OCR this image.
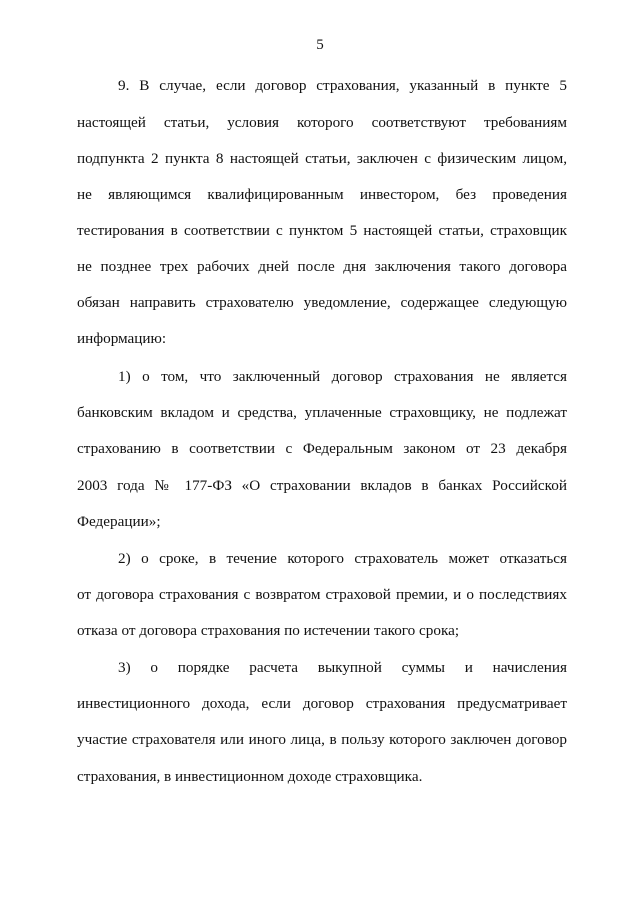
5
9. В случае, если договор страхования, указанный в пункте 5
настоящей статьи, условия которого соответствуют требованиям
подпункта 2 пункта 8 настоящей статьи, заключен с физическим лицом,
не являющимся квалифицированным инвестором, без проведения
тестирования в соответствии с пунктом 5 настоящей статьи, страховщик
не позднее трех рабочих дней после дня заключения такого договора
обязан направить страхователю уведомление, содержащее следующую
информацию:
1) о том, что заключенный договор страхования не является
банковским вкладом и средства, уплаченные страховщику, не подлежат
страхованию в соответствии с Федеральным законом от 23 декабря
2003 года № 177-ФЗ «О страховании вкладов в банках Российской
Федерации»;
2) о сроке, в течение которого страхователь может отказаться
от договора страхования с возвратом страховой премии, и о последствиях
отказа от договора страхования по истечении такого срока;
3) о порядке расчета выкупной суммы и начисления
инвестиционного дохода, если договор страхования предусматривает
участие страхователя или иного лица, в пользу которого заключен договор
страхования, в инвестиционном доходе страховщика.
